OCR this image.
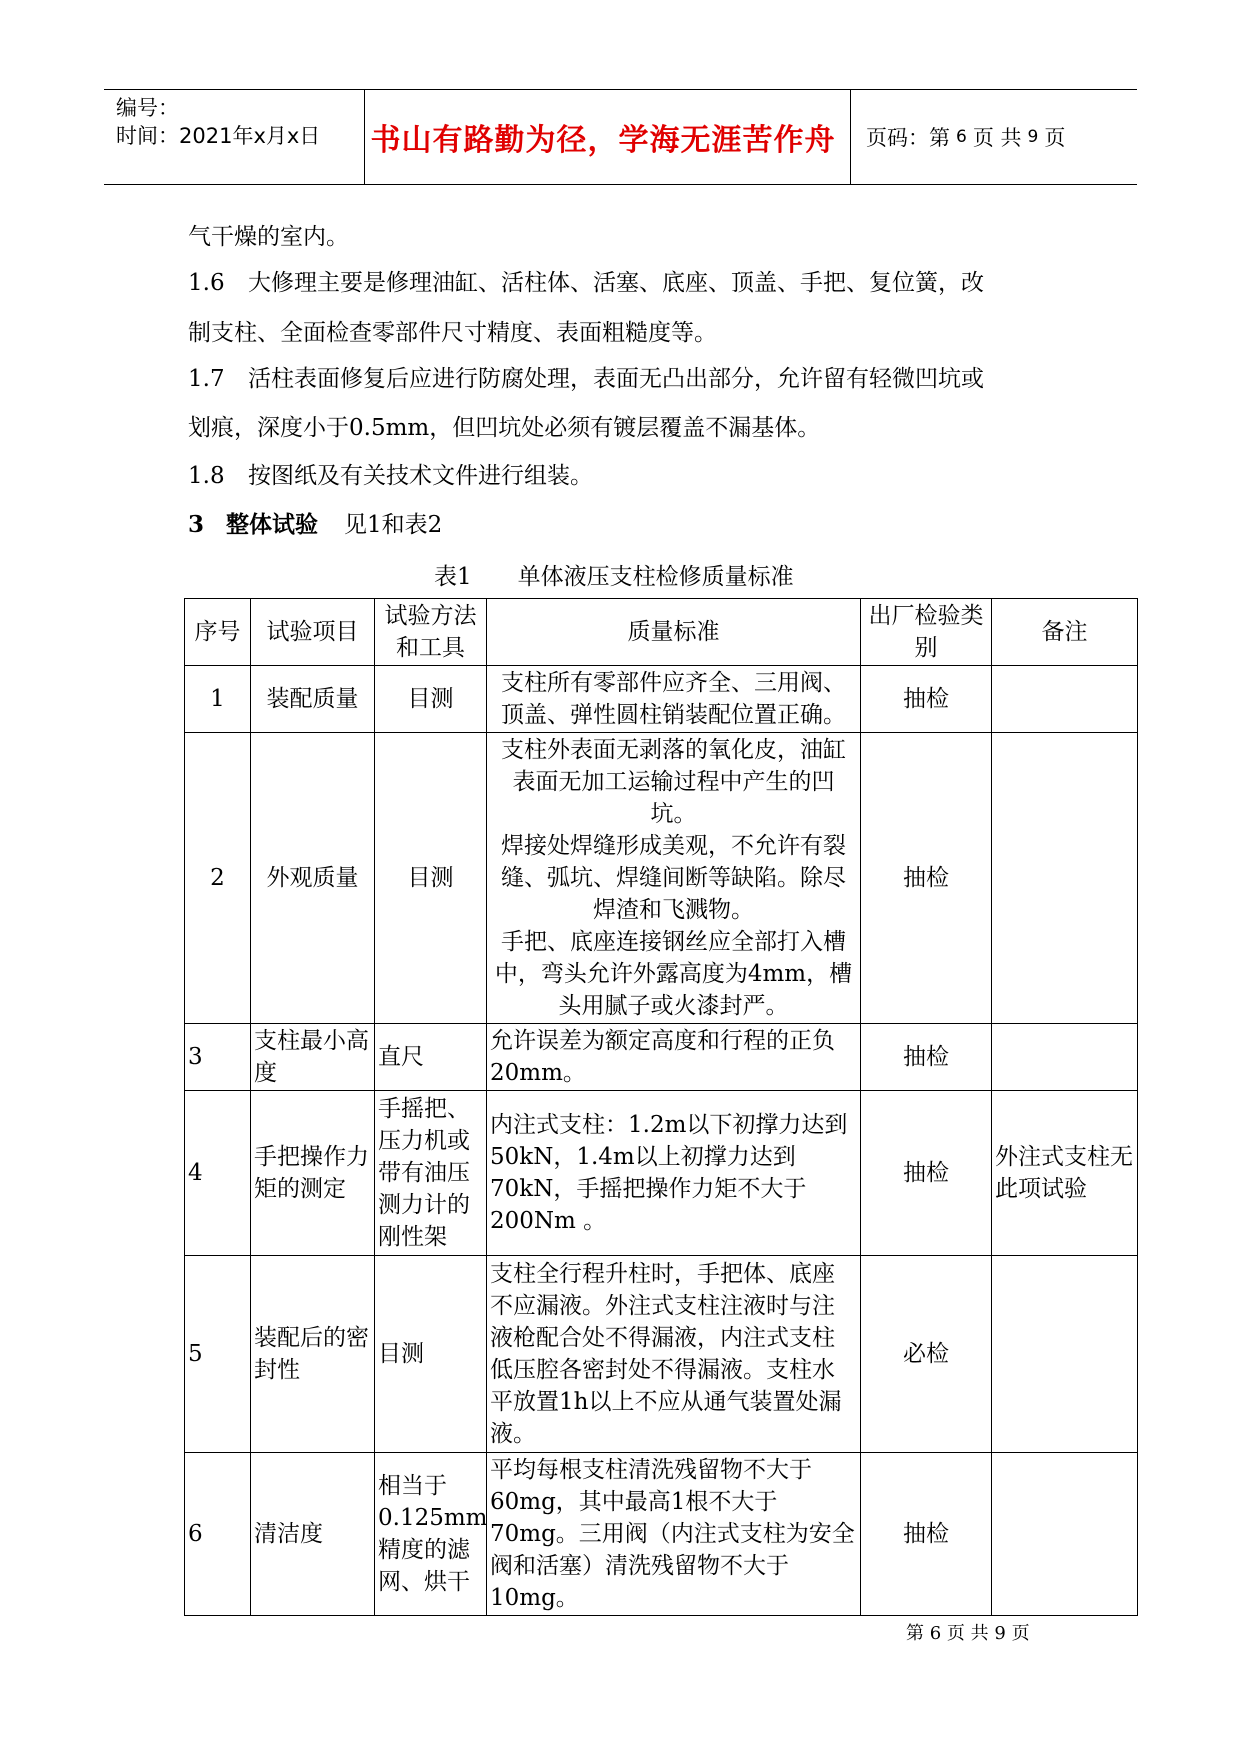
编号：
时间：2021年x月x日 书山有路勤为径，学海无涯苦作舟 页码：第 6 页 共 9 页
气干燥的室内。
1.6 大修理主要是修理油缸、活柱体、活塞、底座、顶盖、手把、复位簧，改
制支柱、全面检查零部件尺寸精度、表面粗糙度等。
1.7 活柱表面修复后应进行防腐处理，表面无凸出部分，允许留有轻微凹坑或
划痕，深度小于0.5mm，但凹坑处必须有镀层覆盖不漏基体。
1.8 按图纸及有关技术文件进行组装。
3 整体试验 见1和表2
表1　　单体液压支柱检修质量标准
序号	试验项目	试验方法和工具	质量标准	出厂检验类别	备注
1	装配质量	目测	支柱所有零部件应齐全、三用阀、顶盖、弹性圆柱销装配位置正确。	抽检	
2	外观质量	目测	支柱外表面无剥落的氧化皮，油缸表面无加工运输过程中产生的凹坑。
焊接处焊缝形成美观，不允许有裂缝、弧坑、焊缝间断等缺陷。除尽焊渣和飞溅物。
手把、底座连接钢丝应全部打入槽中，弯头允许外露高度为4mm，槽头用腻子或火漆封严。	抽检	
3	支柱最小高度	直尺	允许误差为额定高度和行程的正负20mm。	抽检	
4	手把操作力矩的测定	手摇把、压力机或带有油压测力计的刚性架	内注式支柱：1.2m以下初撑力达到50kN，1.4m以上初撑力达到70kN，手摇把操作力矩不大于200Nm 。	抽检	外注式支柱无此项试验
5	装配后的密封性	目测	支柱全行程升柱时，手把体、底座不应漏液。外注式支柱注液时与注液枪配合处不得漏液，内注式支柱低压腔各密封处不得漏液。支柱水平放置1h以上不应从通气装置处漏液。	必检	
6	清洁度	相当于0.125mm精度的滤网、烘干	平均每根支柱清洗残留物不大于60mg，其中最高1根不大于70mg。三用阀（内注式支柱为安全阀和活塞）清洗残留物不大于10mg。	抽检	
第 6 页 共 9 页
